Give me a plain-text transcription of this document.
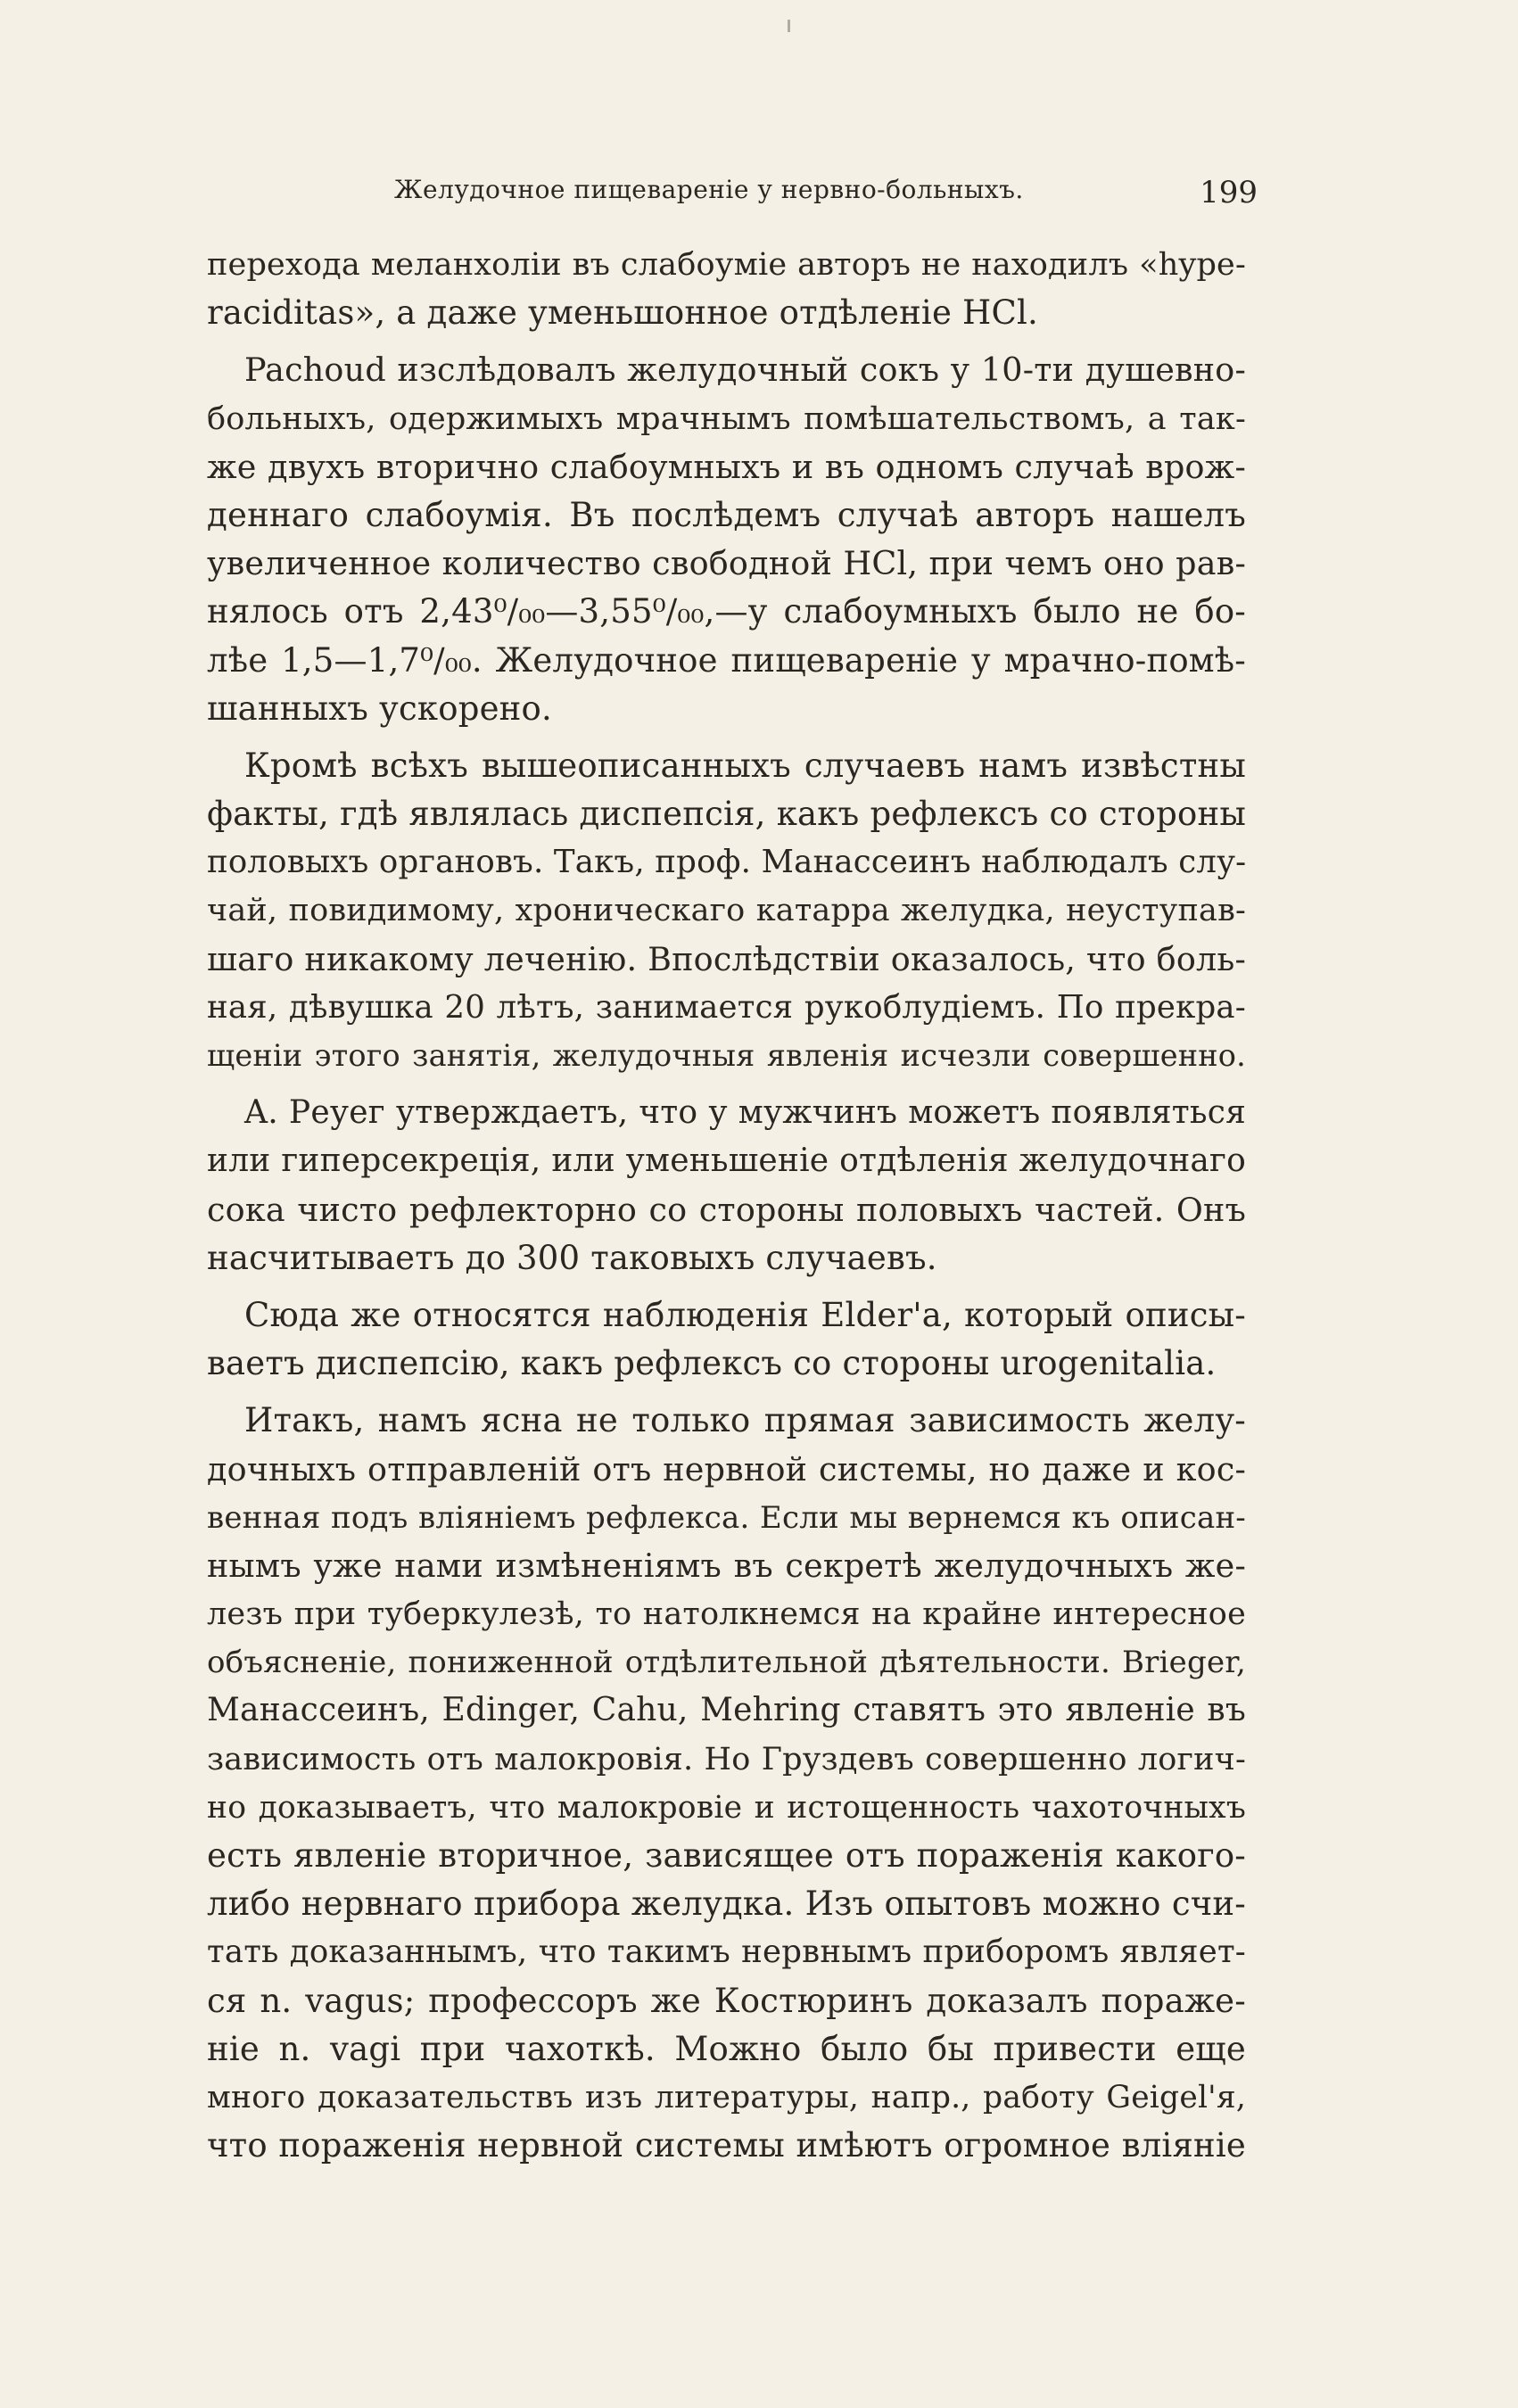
Желудочное пищевареніе у нервно-больныхъ.	199
перехода меланхоліи въ слабоуміе авторъ не находилъ «hyре-
racіdіtаs», а даже уменьшонное отдѣленіе HCl.
Pachoud изслѣдовалъ желудочный сокъ у 10-ти душевно-
больныхъ, одержимыхъ мрачнымъ помѣшательствомъ, а так-
же двухъ вторично слабоумныхъ и въ одномъ случаѣ врож-
деннаго слабоумія. Въ послѣдемъ случаѣ авторъ нашелъ
увеличенное количество свободной HCl, при чемъ оно рав-
нялось отъ 2,43⁰/₀₀—3,55⁰/₀₀,—у слабоумныхъ было не бо-
лѣе 1,5—1,7⁰/₀₀. Желудочное пищевареніе у мрачно-помѣ-
шанныхъ ускорено.
Кромѣ всѣхъ вышеописанныхъ случаевъ намъ извѣстны
факты, гдѣ являлась диспепсія, какъ рефлексъ со стороны
половыхъ органовъ. Такъ, проф. Манассеинъ наблюдалъ слу-
чай, повидимому, хроническаго катарра желудка, неуступав-
шаго никакому леченію. Впослѣдствіи оказалось, что боль-
ная, дѣвушка 20 лѣтъ, занимается рукоблудіемъ. По прекра-
щеніи этого занятія, желудочныя явленія исчезли совершенно.
A. Pеуег утверждаетъ, что у мужчинъ можетъ появляться
или гиперсекреція, или уменьшеніе отдѣленія желудочнаго
сока чисто рефлекторно со стороны половыхъ частей. Онъ
насчитываетъ до 300 таковыхъ случаевъ.
Сюда же относятся наблюденія Elder'a, который описы-
ваетъ диспепсію, какъ рефлексъ со стороны urogenitalia.
Итакъ, намъ ясна не только прямая зависимость желу-
дочныхъ отправленій отъ нервной системы, но даже и кос-
венная подъ вліяніемъ рефлекса. Если мы вернемся къ описан-
нымъ уже нами измѣненіямъ въ секретѣ желудочныхъ же-
лезъ при туберкулезѣ, то натолкнемся на крайне интересное
объясненіе, пониженной отдѣлительной дѣятельности. Brieger,
Манассеинъ, Edinger, Cahu, Mehring ставятъ это явленіе въ
зависимость отъ малокровія. Но Груздевъ совершенно логич-
но доказываетъ, что малокровіе и истощенность чахоточныхъ
есть явленіе вторичное, зависящее отъ пораженія какого-
либо нервнаго прибора желудка. Изъ опытовъ можно счи-
тать доказаннымъ, что такимъ нервнымъ приборомъ являет-
ся n. vagus; профессоръ же Костюринъ доказалъ пораже-
ніе n. vagi при чахоткѣ. Можно было бы привести еще
много доказательствъ изъ литературы, напр., работу Geigel'я,
что пораженія нервной системы имѣютъ огромное вліяніе
